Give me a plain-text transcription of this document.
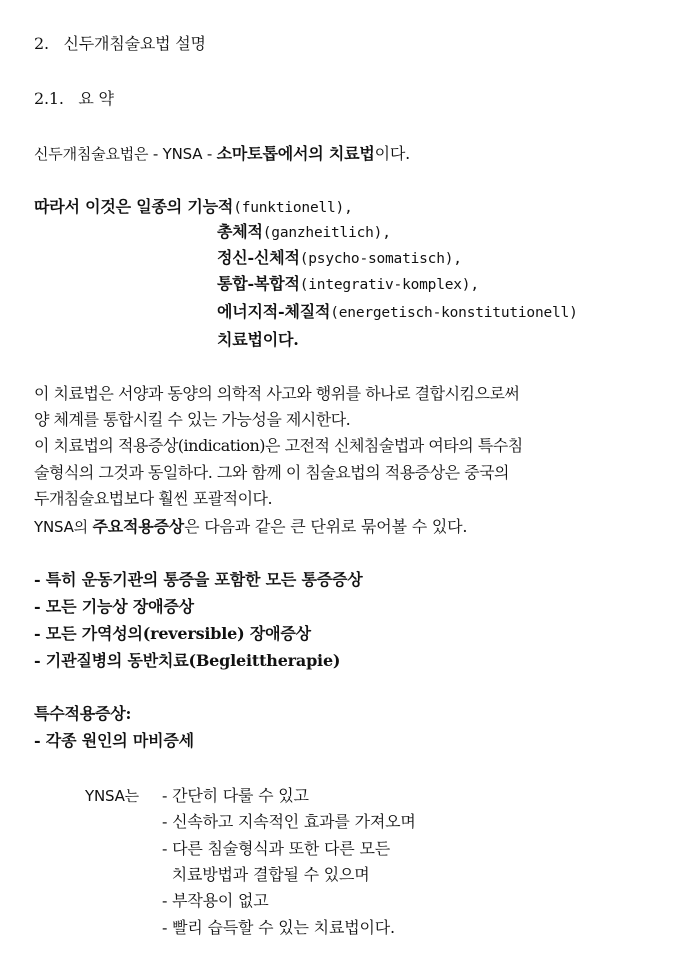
2. 신두개침술요법 설명
2.1. 요 약
신두개침술요법은 - YNSA - 소마토톱에서의 치료법이다.
따라서 이것은 일종의 기능적(funktionell),
총체적(ganzheitlich),
정신-신체적(psycho-somatisch),
통합-복합적(integrativ-komplex),
에너지적-체질적(energetisch-konstitutionell)
치료법이다.
이 치료법은 서양과 동양의 의학적 사고와 행위를 하나로 결합시킴으로써
양 체계를 통합시킬 수 있는 가능성을 제시한다.
이 치료법의 적용증상(indication)은 고전적 신체침술법과 여타의 특수침
술형식의 그것과 동일하다. 그와 함께 이 침술요법의 적용증상은 중국의
두개침술요법보다 훨씬 포괄적이다.
YNSA의 주요적용증상은 다음과 같은 큰 단위로 묶어볼 수 있다.
- 특히 운동기관의 통증을 포함한 모든 통증증상
- 모든 기능상 장애증상
- 모든 가역성의(reversible) 장애증상
- 기관질병의 동반치료(Begleittherapie)
특수적용증상:
- 각종 원인의 마비증세
YNSA는 - 간단히 다룰 수 있고
- 신속하고 지속적인 효과를 가져오며
- 다른 침술형식과 또한 다른 모든
치료방법과 결합될 수 있으며
- 부작용이 없고
- 빨리 습득할 수 있는 치료법이다.
